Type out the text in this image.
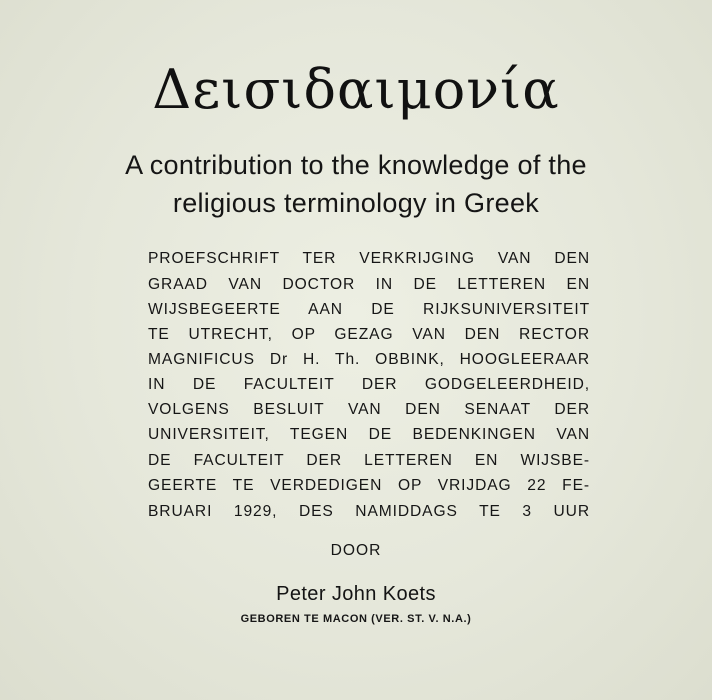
Δεισιδαιμονία
A contribution to the knowledge of the
religious terminology in Greek
PROEFSCHRIFT TER VERKRIJGING VAN DEN
GRAAD VAN DOCTOR IN DE LETTEREN EN
WIJSBEGEERTE AAN DE RIJKSUNIVERSITEIT
TE UTRECHT, OP GEZAG VAN DEN RECTOR
MAGNIFICUS Dr H. Th. OBBINK, HOOGLEERAAR
IN DE FACULTEIT DER GODGELEERDHEID,
VOLGENS BESLUIT VAN DEN SENAAT DER
UNIVERSITEIT, TEGEN DE BEDENKINGEN VAN
DE FACULTEIT DER LETTEREN EN WIJSBE-
GEERTE TE VERDEDIGEN OP VRIJDAG 22 FE-
BRUARI 1929, DES NAMIDDAGS TE 3 UUR
DOOR
Peter John Koets
GEBOREN TE MACON (VER. ST. V. N.A.)
